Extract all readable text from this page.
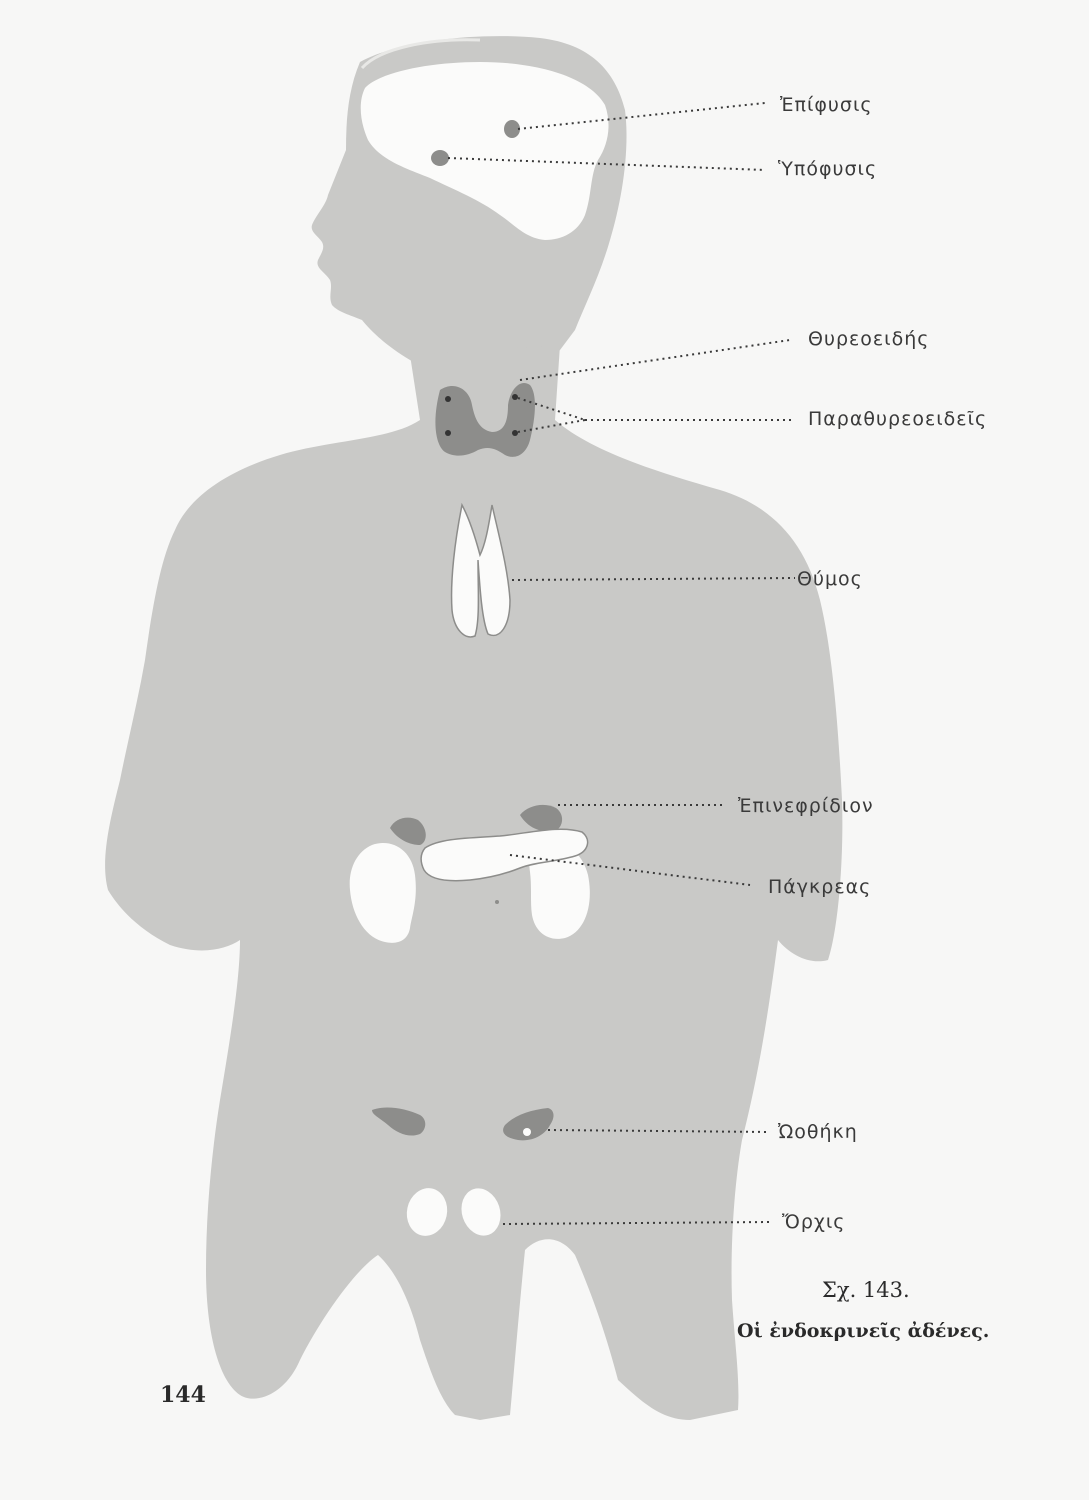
Ἐπίφυσις
Ὑπόφυσις
Θυρεοειδής
Παραθυρεοειδεῖς
Θύμος
Ἐπινεφρίδιον
Πάγκρεας
Ὠοθήκη
Ὄρχις
Σχ. 143.
Οἱ ἐνδοκρινεῖς ἀδένες.
144
